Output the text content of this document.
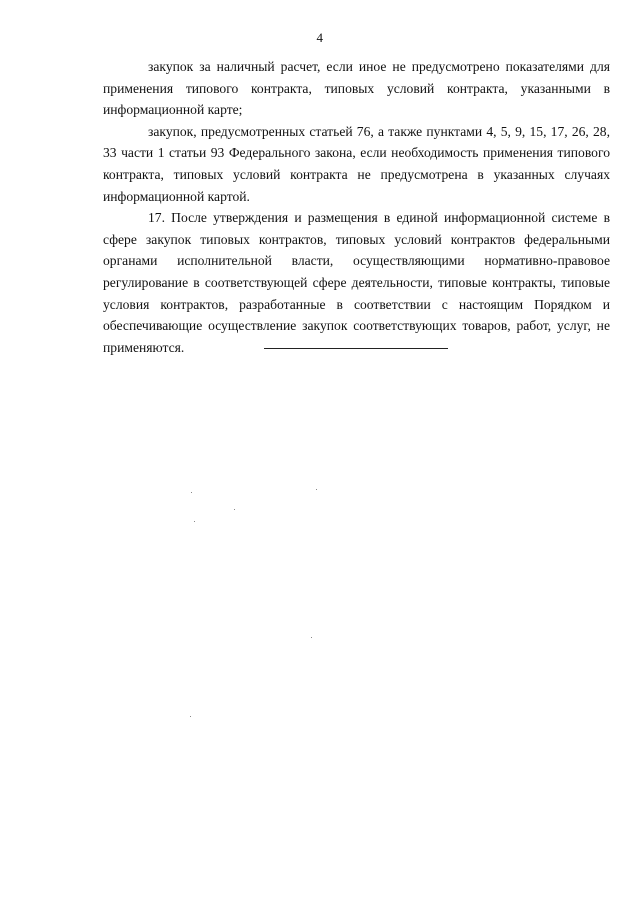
4

закупок за наличный расчет, если иное не предусмотрено показателями для применения типового контракта, типовых условий контракта, указанными в информационной карте;

закупок, предусмотренных статьей 76, а также пунктами 4, 5, 9, 15, 17, 26, 28, 33 части 1 статьи 93 Федерального закона, если необходимость применения типового контракта, типовых условий контракта не предусмотрена в указанных случаях информационной картой.

17. После утверждения и размещения в единой информационной системе в сфере закупок типовых контрактов, типовых условий контрактов федеральными органами исполнительной власти, осуществляющими нормативно-правовое регулирование в соответствующей сфере деятельности, типовые контракты, типовые условия контрактов, разработанные в соответствии с настоящим Порядком и обеспечивающие осуществление закупок соответствующих товаров, работ, услуг, не применяются.
